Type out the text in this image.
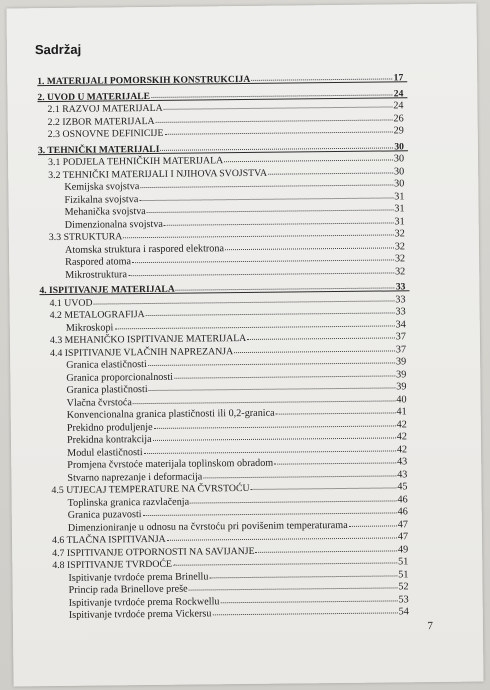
Sadržaj
1. MATERIJALI POMORSKIH KONSTRUKCIJA	17
2. UVOD U MATERIJALE	24
2.1 RAZVOJ MATERIJALA	24
2.2 IZBOR MATERIJALA	26
2.3 OSNOVNE DEFINICIJE	29
3. TEHNIČKI MATERIJALI	30
3.1 PODJELA TEHNIČKIH MATERIJALA	30
3.2 TEHNIČKI MATERIJALI I NJIHOVA SVOJSTVA	30
Kemijska svojstva	30
Fizikalna svojstva	31
Mehanička svojstva	31
Dimenzionalna svojstva	31
3.3 STRUKTURA	32
Atomska struktura i raspored elektrona	32
Raspored atoma	32
Mikrostruktura	32
4. ISPITIVANJE MATERIJALA	33
4.1 UVOD	33
4.2 METALOGRAFIJA	33
Mikroskopi	34
4.3 MEHANIČKO ISPITIVANJE MATERIJALA	37
4.4 ISPITIVANJE VLAČNIH NAPREZANJA	37
Granica elastičnosti	39
Granica proporcionalnosti	39
Granica plastičnosti	39
Vlačna čvrstoća	40
Konvencionalna granica plastičnosti ili 0,2-granica	41
Prekidno produljenje	42
Prekidna kontrakcija	42
Modul elastičnosti	42
Promjena čvrstoće materijala toplinskom obradom	43
Stvarno naprezanje i deformacija	43
4.5 UTJECAJ TEMPERATURE NA ČVRSTOĆU	45
Toplinska granica razvlačenja	46
Granica puzavosti	46
Dimenzioniranje u odnosu na čvrstoću pri povišenim temperaturama	47
4.6 TLAČNA ISPITIVANJA	47
4.7 ISPITIVANJE OTPORNOSTI NA SAVIJANJE	49
4.8 ISPITIVANJE TVRDOĆE	51
Ispitivanje tvrdoće prema Brinellu	51
Princip rada Brinellove preše	52
Ispitivanje tvrdoće prema Rockwellu	53
Ispitivanje tvrdoće prema Vickersu	54
7
